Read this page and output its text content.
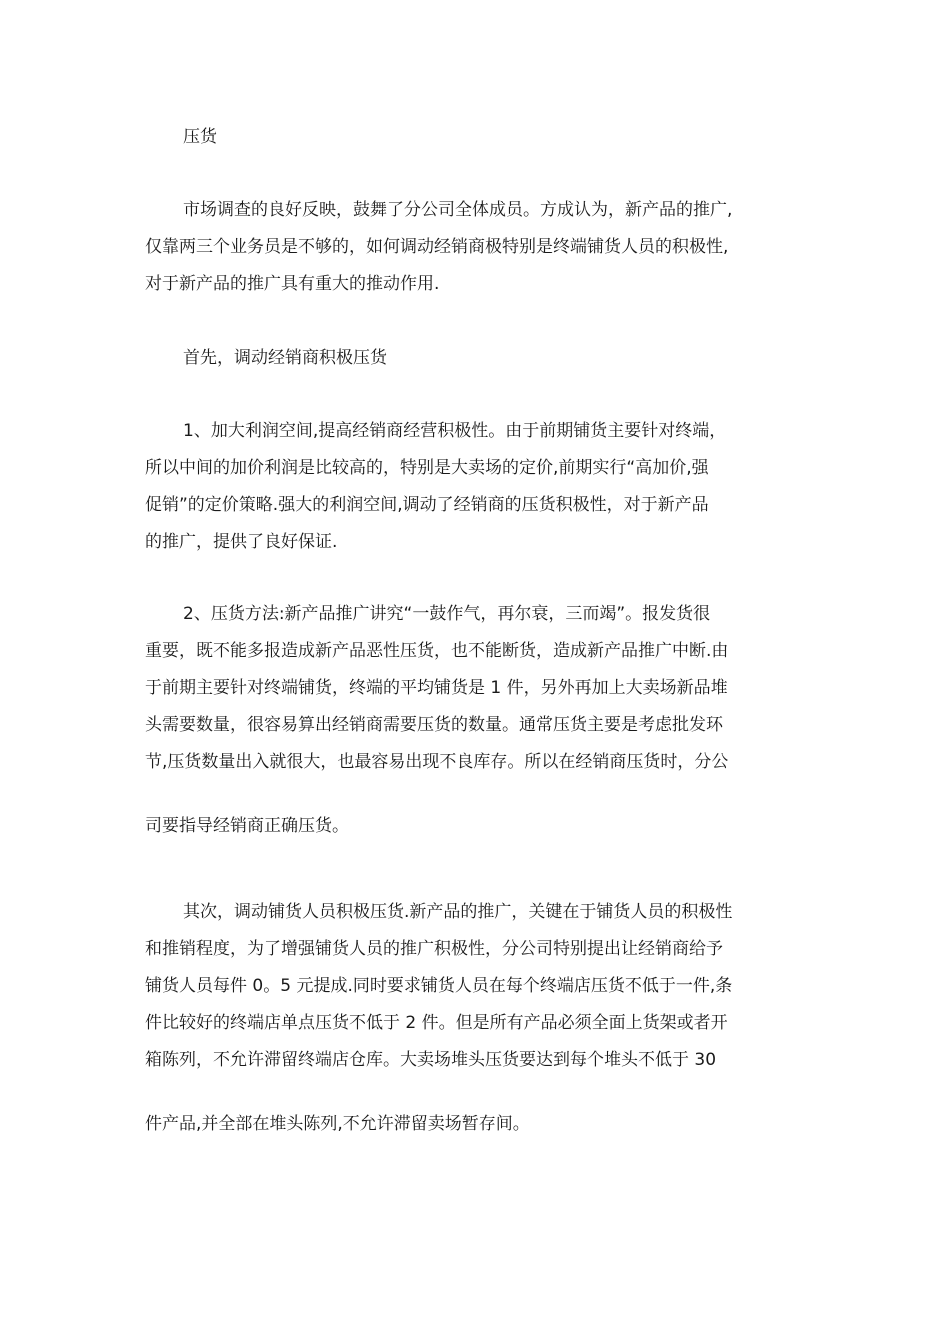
压货
市场调查的良好反映，鼓舞了分公司全体成员。方成认为，新产品的推广,
仅靠两三个业务员是不够的，如何调动经销商极特别是终端铺货人员的积极性,
对于新产品的推广具有重大的推动作用.
首先，调动经销商积极压货
1、加大利润空间,提高经销商经营积极性。由于前期铺货主要针对终端，
所以中间的加价利润是比较高的，特别是大卖场的定价,前期实行“高加价,强
促销”的定价策略.强大的利润空间,调动了经销商的压货积极性，对于新产品
的推广，提供了良好保证.
2、压货方法:新产品推广讲究“一鼓作气，再尔衰，三而竭”。报发货很
重要，既不能多报造成新产品恶性压货，也不能断货，造成新产品推广中断.由
于前期主要针对终端铺货，终端的平均铺货是 1 件，另外再加上大卖场新品堆
头需要数量，很容易算出经销商需要压货的数量。通常压货主要是考虑批发环
节,压货数量出入就很大，也最容易出现不良库存。所以在经销商压货时，分公
司要指导经销商正确压货。
其次，调动铺货人员积极压货.新产品的推广，关键在于铺货人员的积极性
和推销程度，为了增强铺货人员的推广积极性，分公司特别提出让经销商给予
铺货人员每件 0。5 元提成.同时要求铺货人员在每个终端店压货不低于一件,条
件比较好的终端店单点压货不低于 2 件。但是所有产品必须全面上货架或者开
箱陈列，不允许滞留终端店仓库。大卖场堆头压货要达到每个堆头不低于 30
件产品,并全部在堆头陈列,不允许滞留卖场暂存间。
